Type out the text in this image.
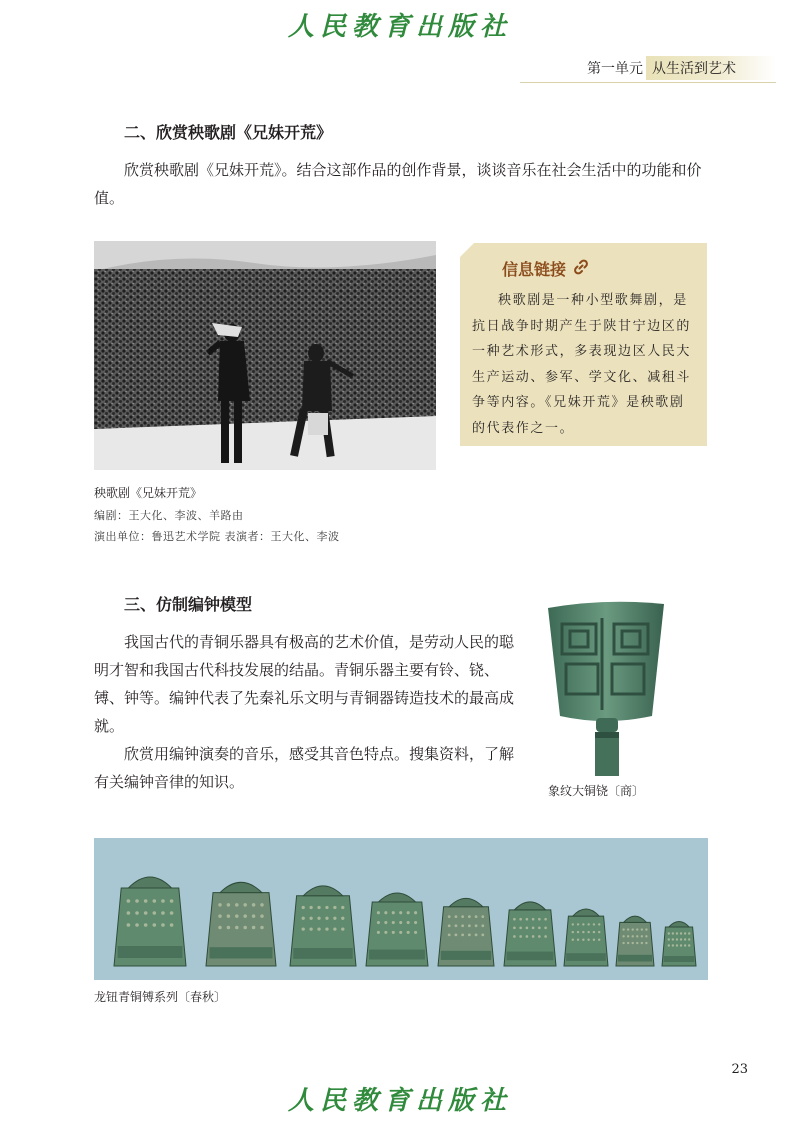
人民教育出版社
第一单元 从生活到艺术
二、欣赏秧歌剧《兄妹开荒》

欣赏秧歌剧《兄妹开荒》。结合这部作品的创作背景，谈谈音乐在社会生活中的功能和价值。

秧歌剧《兄妹开荒》
编剧：王大化、李波、羊路由
演出单位：鲁迅艺术学院 表演者：王大化、李波
信息链接

秧歌剧是一种小型歌舞剧，是抗日战争时期产生于陕甘宁边区的一种艺术形式，多表现边区人民大生产运动、参军、学文化、减租斗争等内容。《兄妹开荒》是秧歌剧的代表作之一。

三、仿制编钟模型

我国古代的青铜乐器具有极高的艺术价值，是劳动人民的聪明才智和我国古代科技发展的结晶。青铜乐器主要有铃、铙、镈、钟等。编钟代表了先秦礼乐文明与青铜器铸造技术的最高成就。

欣赏用编钟演奏的音乐，感受其音色特点。搜集资料，了解有关编钟音律的知识。	象纹大铜铙〔商〕
龙钮青铜镈系列〔春秋〕
23
人民教育出版社
